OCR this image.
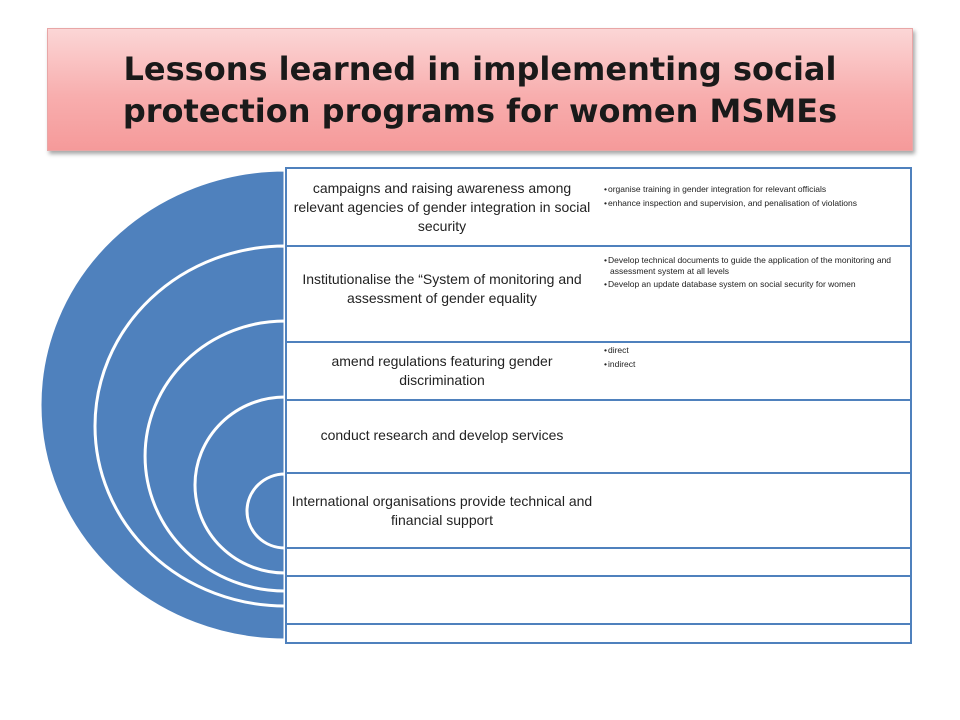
Lessons learned in implementing social protection programs for women MSMEs
campaigns and raising awareness among relevant agencies of gender integration in social security
• organise training in gender integration for relevant officials
• enhance inspection and supervision, and penalisation of violations
Institutionalise the “System of monitoring and assessment of gender equality
• Develop technical documents to guide the application of the monitoring and assessment system at all levels
• Develop an update database system on social security for women
amend regulations featuring gender discrimination
• direct
• indirect
conduct research and develop services
International organisations provide technical and financial support
